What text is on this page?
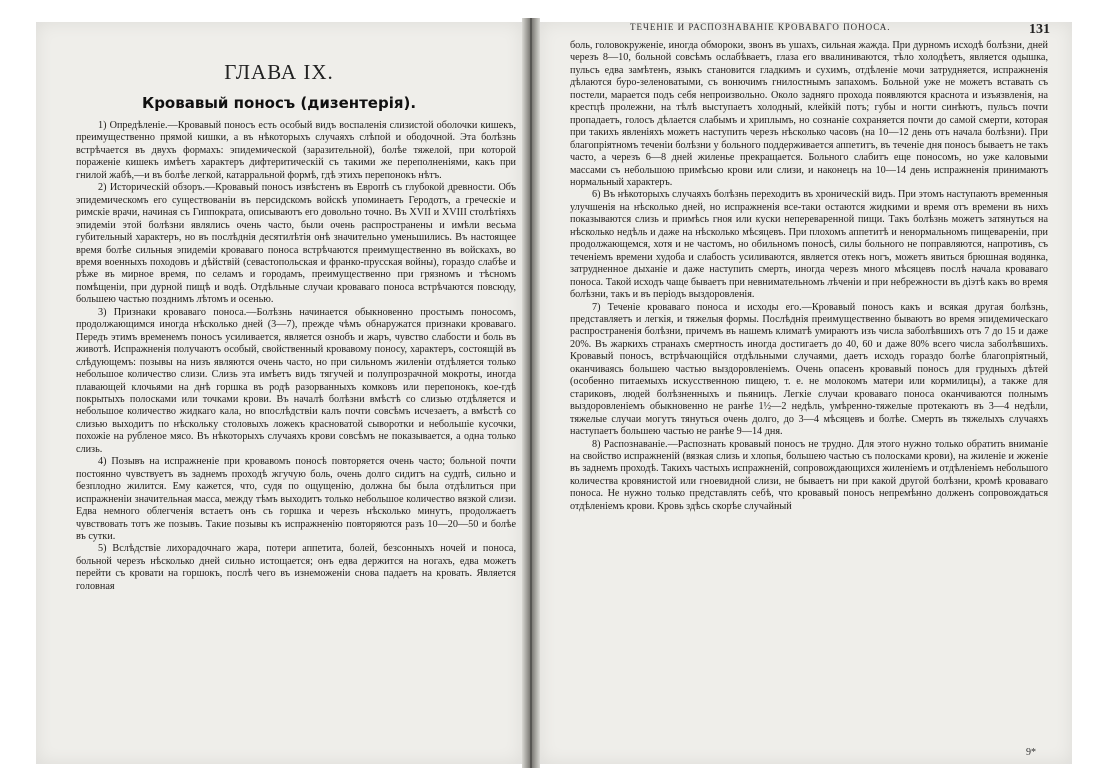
ГЛАВА IX.
Кровавый поносъ (дизентерія).

1) Опредѣленіе.—Кровавый поносъ есть особый видъ воспаленія слизистой оболочки кишекъ, преимущественно прямой кишки, а въ нѣкоторыхъ случаяхъ слѣпой и ободочной. Эта болѣзнь встрѣчается въ двухъ формахъ: эпидемической (заразительной), болѣе тяжелой, при которой пораженіе кишекъ имѣетъ характеръ дифтеритическій съ такими же переполненіями, какъ при гнилой жабѣ,—и въ болѣе легкой, катарральной формѣ, гдѣ этихъ перепонокъ нѣтъ.

2) Историческій обзоръ.—Кровавый поносъ извѣстенъ въ Европѣ съ глубокой древности. Объ эпидемическомъ его существованіи въ персидскомъ войскѣ упоминаетъ Геродотъ, а греческіе и римскіе врачи, начиная съ Гиппократа, описываютъ его довольно точно. Въ XVII и XVIII столѣтіяхъ эпидеміи этой болѣзни являлись очень часто, были очень распространены и имѣли весьма губительный характеръ, но въ послѣднія десятилѣтія онѣ значительно уменьшились. Въ настоящее время болѣе сильныя эпидеміи кроваваго поноса встрѣчаются преимущественно въ войскахъ, во время военныхъ походовъ и дѣйствій (севастопольская и франко-прусская войны), гораздо слабѣе и рѣже въ мирное время, по селамъ и городамъ, преимущественно при грязномъ и тѣсномъ помѣщеніи, при дурной пищѣ и водѣ. Отдѣльные случаи кроваваго поноса встрѣчаются повсюду, большею частью позднимъ лѣтомъ и осенью.

3) Признаки кроваваго поноса.—Болѣзнь начинается обыкновенно простымъ поносомъ, продолжающимся иногда нѣсколько дней (3—7), прежде чѣмъ обнаружатся признаки кроваваго. Передъ этимъ временемъ поносъ усиливается, является ознобъ и жаръ, чувство слабости и боль въ животѣ. Испражненія получаютъ особый, свойственный кровавому поносу, характеръ, состоящій въ слѣдующемъ: позывы на низъ являются очень часто, но при сильномъ жиленіи отдѣляется только небольшое количество слизи. Слизь эта имѣетъ видъ тягучей и полупрозрачной мокроты, иногда плавающей клочьями на днѣ горшка въ родѣ разорванныхъ комковъ или перепонокъ, кое-гдѣ покрытыхъ полосками или точками крови. Въ началѣ болѣзни вмѣстѣ со слизью отдѣляется и небольшое количество жидкаго кала, но впослѣдствіи калъ почти совсѣмъ исчезаетъ, а вмѣстѣ со слизью выходитъ по нѣскольку столовыхъ ложекъ красноватой сыворотки и небольшіе кусочки, похожіе на рубленое мясо. Въ нѣкоторыхъ случаяхъ крови совсѣмъ не показывается, а одна только слизь.

4) Позывъ на испражненіе при кровавомъ поносѣ повторяется очень часто; больной почти постоянно чувствуетъ въ заднемъ проходѣ жгучую боль, очень долго сидитъ на судпѣ, сильно и безплодно жилится. Ему кажется, что, судя по ощущенію, должна бы была отдѣлиться при испражненіи значительная масса, между тѣмъ выходитъ только небольшое количество вязкой слизи. Едва немного облегченія встаетъ онъ съ горшка и черезъ нѣсколько минутъ, продолжаетъ чувствовать тотъ же позывъ. Такие позывы къ испражненію повторяются разъ 10—20—50 и болѣе въ сутки.

5) Вслѣдствіе лихорадочнаго жара, потери аппетита, болей, безсонныхъ ночей и поноса, больной черезъ нѣсколько дней сильно истощается; онъ едва держится на ногахъ, едва можетъ перейти съ кровати на горшокъ, послѣ чего въ изнеможеніи снова падаетъ на кровать. Является головная

ТЕЧЕНІЕ И РАСПОЗНАВАНІЕ КРОВАВАГО ПОНОСА.	131

боль, головокруженіе, иногда обмороки, звонъ въ ушахъ, сильная жажда. При дурномъ исходѣ болѣзни, дней черезъ 8—10, больной совсѣмъ ослабѣваетъ, глаза его ввалиниваются, тѣло холодѣетъ, является одышка, пульсъ едва замѣтенъ, языкъ становится гладкимъ и сухимъ, отдѣленіе мочи затрудняется, испражненія дѣлаются буро-зеленоватыми, съ вонючимъ гнилостнымъ запахомъ. Больной уже не можетъ вставать съ постели, марается подъ себя непроизвольно. Около задняго прохода появляются краснота и изъязвленія, на крестцѣ пролежни, на тѣлѣ выступаетъ холодный, клейкій потъ; губы и ногти синѣютъ, пульсъ почти пропадаетъ, голосъ дѣлается слабымъ и хриплымъ, но сознаніе сохраняется почти до самой смерти, которая при такихъ явленіяхъ можетъ наступить черезъ нѣсколько часовъ (на 10—12 день отъ начала болѣзни). При благопріятномъ теченіи болѣзни у больного поддерживается аппетитъ, въ теченіе дня поносъ бываетъ не такъ часто, а черезъ 6—8 дней жиленье прекращается. Больного слабитъ еще поносомъ, но уже каловыми массами съ небольшою примѣсью крови или слизи, и наконецъ на 10—14 день испражненія принимаютъ нормальный характеръ.

6) Въ нѣкоторыхъ случаяхъ болѣзнь переходитъ въ хроническій видъ. При этомъ наступаютъ временныя улучшенія на нѣсколько дней, но испражненія все-таки остаются жидкими и время отъ времени въ нихъ показываются слизь и примѣсь гноя или куски непереваренной пищи. Такъ болѣзнь можетъ затянуться на нѣсколько недѣль и даже на нѣсколько мѣсяцевъ. При плохомъ аппетитѣ и ненормальномъ пищевареніи, при продолжающемся, хотя и не частомъ, но обильномъ поносѣ, силы больного не поправляются, напротивъ, съ теченіемъ времени худоба и слабость усиливаются, является отекъ ногъ, можетъ явиться брюшная водянка, затрудненное дыханіе и даже наступить смерть, иногда черезъ много мѣсяцевъ послѣ начала кроваваго поноса. Такой исходъ чаще бываетъ при невнимательномъ лѣченіи и при небрежности въ діэтѣ какъ во время болѣзни, такъ и въ періодъ выздоровленія.

7) Теченіе кроваваго поноса и исходы его.—Кровавый поносъ какъ и всякая другая болѣзнь, представляетъ и легкія, и тяжелыя формы. Послѣднія преимущественно бываютъ во время эпидемическаго распространенія болѣзни, причемъ въ нашемъ климатѣ умираютъ изъ числа заболѣвшихъ отъ 7 до 15 и даже 20%. Въ жаркихъ странахъ смертность иногда достигаетъ до 40, 60 и даже 80% всего числа заболѣвшихъ. Кровавый поносъ, встрѣчающійся отдѣльными случаями, даетъ исходъ гораздо болѣе благопріятный, оканчиваясь большею частью выздоровленіемъ. Очень опасенъ кровавый поносъ для грудныхъ дѣтей (особенно питаемыхъ искусственною пищею, т. е. не молокомъ матери или кормилицы), а также для стариковъ, людей болѣзненныхъ и пьяницъ. Легкіе случаи кроваваго поноса оканчиваются полнымъ выздоровленіемъ обыкновенно не ранѣе 1½—2 недѣль, умѣренно-тяжелые протекаютъ въ 3—4 недѣли, тяжелые случаи могутъ тянуться очень долго, до 3—4 мѣсяцевъ и болѣе. Смерть въ тяжелыхъ случаяхъ наступаетъ большею частью не ранѣе 9—14 дня.

8) Распознаваніе.—Распознать кровавый поносъ не трудно. Для этого нужно только обратить вниманіе на свойство испражненій (вязкая слизь и хлопья, большею частью съ полосками крови), на жиленіе и жженіе въ заднемъ проходѣ. Такихъ частыхъ испражненій, сопровождающихся жиленіемъ и отдѣленіемъ небольшого количества кровянистой или гноевидной слизи, не бываетъ ни при какой другой болѣзни, кромѣ кроваваго поноса. Не нужно только представлять себѣ, что кровавый поносъ непремѣнно долженъ сопровождаться отдѣленіемъ крови. Кровь здѣсь скорѣе случайный

9*
